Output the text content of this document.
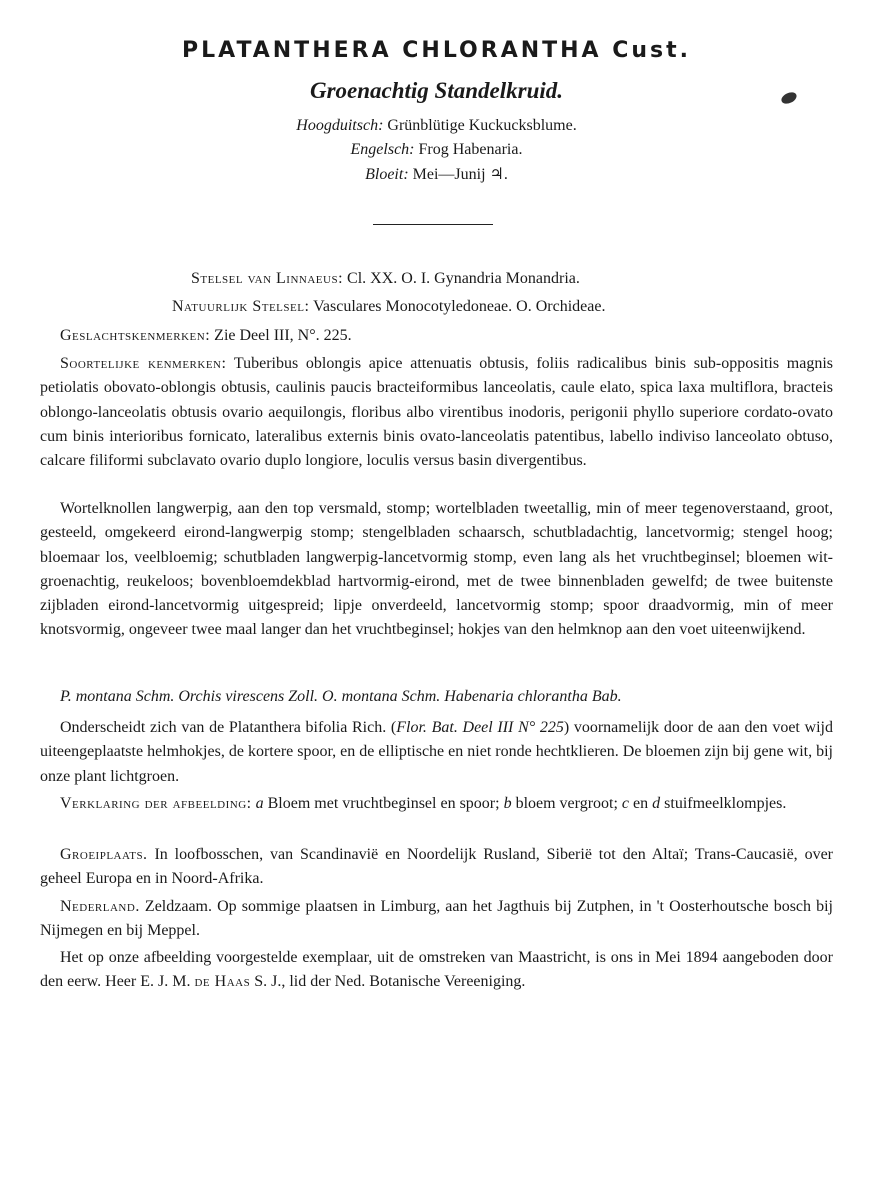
PLATANTHERA CHLORANTHA Cust.
Groenachtig Standelkruid.
Hoogduitsch: Grünblütige Kuckucksblume.
Engelsch: Frog Habenaria.
Bloeit: Mei—Junij ♃.
Stelsel van Linnaeus: Cl. XX. O. I. Gynandria Monandria.
Natuurlijk Stelsel: Vasculares Monocotyledoneae. O. Orchideae.
Geslachtskenmerken: Zie Deel III, N°. 225.

Soortelijke kenmerken: Tuberibus oblongis apice attenuatis obtusis, foliis radicalibus binis sub-oppositis magnis petiolatis obovato-oblongis obtusis, caulinis paucis bracteiformibus lanceolatis, caule elato, spica laxa multiflora, bracteis oblongo-lanceolatis obtusis ovario aequilongis, floribus albo virentibus inodoris, perigonii phyllo superiore cordato-ovato cum binis interioribus fornicato, lateralibus externis binis ovato-lanceolatis patentibus, labello indiviso lanceolato obtuso, calcare filiformi subclavato ovario duplo longiore, loculis versus basin divergentibus.

Wortelknollen langwerpig, aan den top versmald, stomp; wortelbladen tweetallig, min of meer tegenoverstaand, groot, gesteeld, omgekeerd eirond-langwerpig stomp; stengelbladen schaarsch, schutbladachtig, lancetvormig; stengel hoog; bloemaar los, veelbloemig; schutbladen langwerpig-lancetvormig stomp, even lang als het vruchtbeginsel; bloemen wit-groenachtig, reukeloos; bovenbloemdekblad hartvormig-eirond, met de twee binnenbladen gewelfd; de twee buitenste zijbladen eirond-lancetvormig uitgespreid; lipje onverdeeld, lancetvormig stomp; spoor draadvormig, min of meer knotsvormig, ongeveer twee maal langer dan het vruchtbeginsel; hokjes van den helmknop aan den voet uiteenwijkend.

P. montana Schm. Orchis virescens Zoll. O. montana Schm. Habenaria chlorantha Bab.

Onderscheidt zich van de Platanthera bifolia Rich. (Flor. Bat. Deel III N° 225) voornamelijk door de aan den voet wijd uiteengeplaatste helmhokjes, de kortere spoor, en de elliptische en niet ronde hechtklieren. De bloemen zijn bij gene wit, bij onze plant lichtgroen.

Verklaring der afbeelding: a Bloem met vruchtbeginsel en spoor; b bloem vergroot; c en d stuifmeelklompjes.

Groeiplaats. In loofbosschen, van Scandinavië en Noordelijk Rusland, Siberië tot den Altaï; Trans-Caucasië, over geheel Europa en in Noord-Afrika.

Nederland. Zeldzaam. Op sommige plaatsen in Limburg, aan het Jagthuis bij Zutphen, in 't Oosterhoutsche bosch bij Nijmegen en bij Meppel.

Het op onze afbeelding voorgestelde exemplaar, uit de omstreken van Maastricht, is ons in Mei 1894 aangeboden door den eerw. Heer E. J. M. de Haas S. J., lid der Ned. Botanische Vereeniging.
